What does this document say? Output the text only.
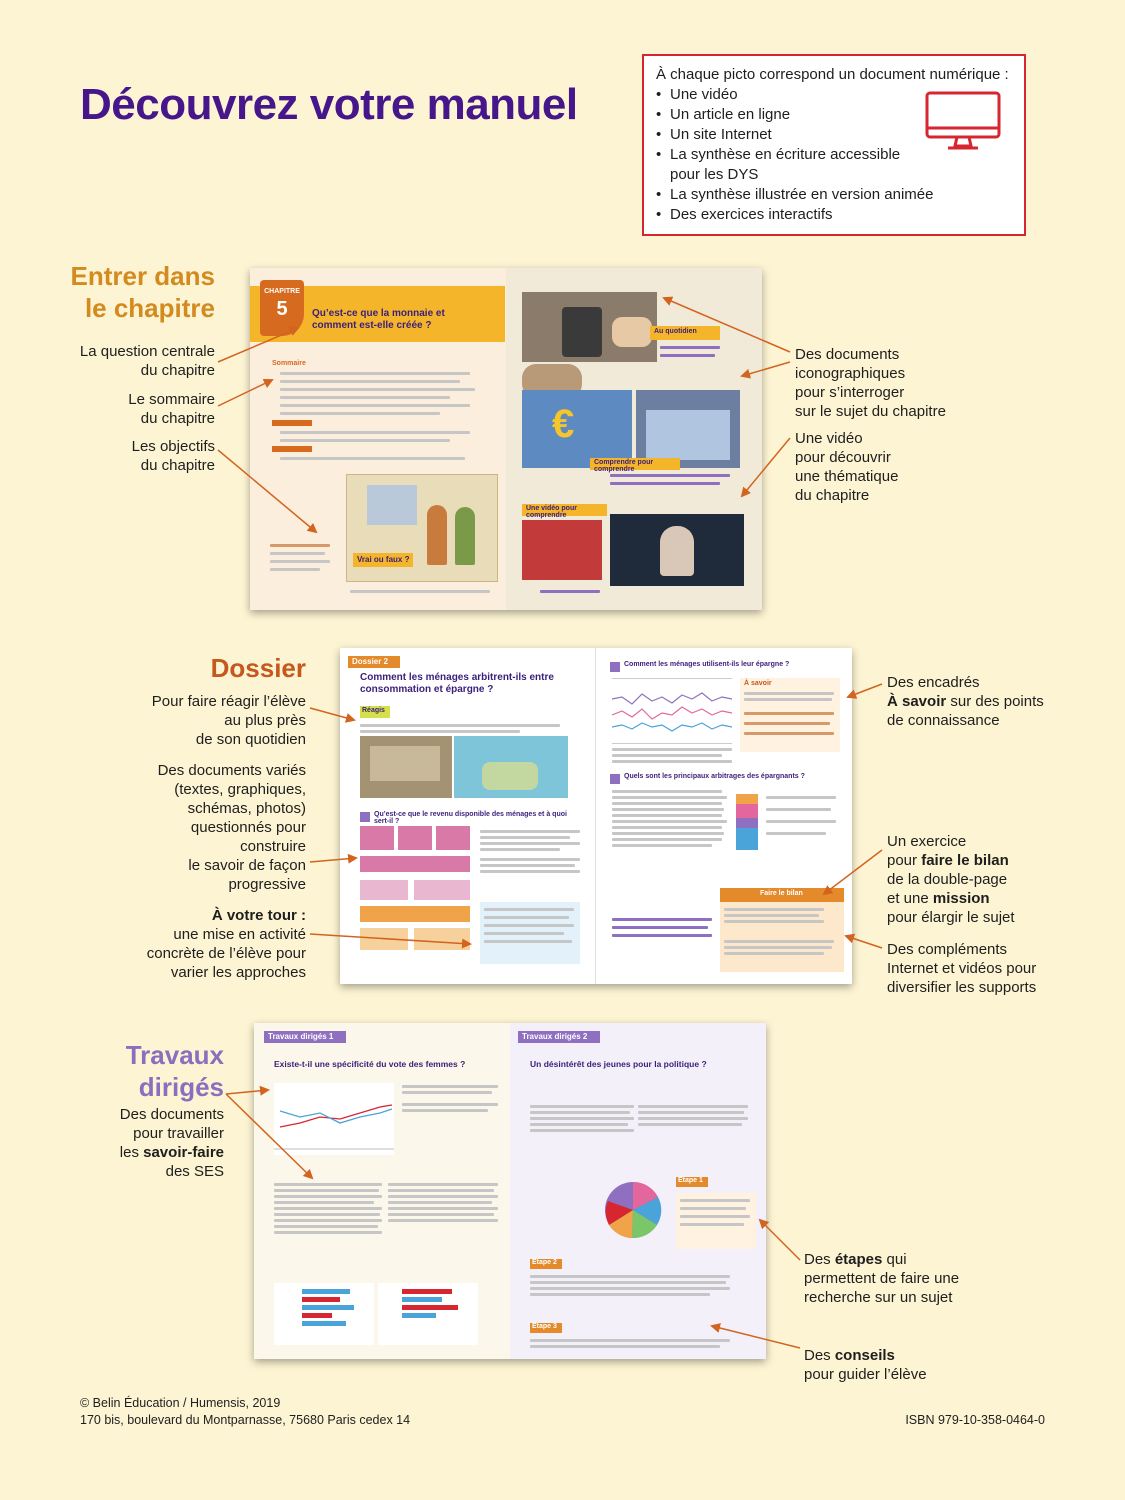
Découvrez votre manuel
À chaque picto correspond un document numérique :
• Une vidéo
• Un article en ligne
• Un site Internet
• La synthèse en écriture accessible pour les DYS
• La synthèse illustrée en version animée
• Des exercices interactifs
Entrer dans
le chapitre
La question centrale
du chapitre
Le sommaire
du chapitre
Les objectifs
du chapitre
Des documents
iconographiques
pour s’interroger
sur le sujet du chapitre
Une vidéo
pour découvrir
une thématique
du chapitre
CHAPITRE
5	Qu’est-ce que la monnaie et comment est-elle créée ?
Sommaire
Vrai ou faux ?
Au quotidien
€
Comprendre pour comprendre
Une vidéo pour comprendre
Dossier
Pour faire réagir l’élève
au plus près
de son quotidien
Des documents variés
(textes, graphiques,
schémas, photos)
questionnés pour
construire
le savoir de façon
progressive
À votre tour :
une mise en activité
concrète de l’élève pour
varier les approches
Des encadrés
À savoir sur des points
de connaissance
Un exercice
pour faire le bilan
de la double-page
et une mission
pour élargir le sujet
Des compléments
Internet et vidéos pour
diversifier les supports
Dossier 2
Comment les ménages arbitrent-ils entre consommation et épargne ?
Réagis
Qu’est-ce que le revenu disponible des ménages et à quoi sert-il ?
Comment les ménages utilisent-ils leur épargne ?
À savoir
Quels sont les principaux arbitrages des épargnants ?
Faire le bilan
Travaux
dirigés
Des documents
pour travailler
les savoir-faire
des SES
Des étapes qui
permettent de faire une
recherche sur un sujet
Des conseils
pour guider l’élève
Travaux dirigés 1
Existe-t-il une spécificité du vote des femmes ?
Travaux dirigés 2
Un désintérêt des jeunes pour la politique ?
Étape 1
Étape 2
Étape 3
© Belin Éducation / Humensis, 2019
170 bis, boulevard du Montparnasse, 75680 Paris cedex 14	ISBN 979-10-358-0464-0
